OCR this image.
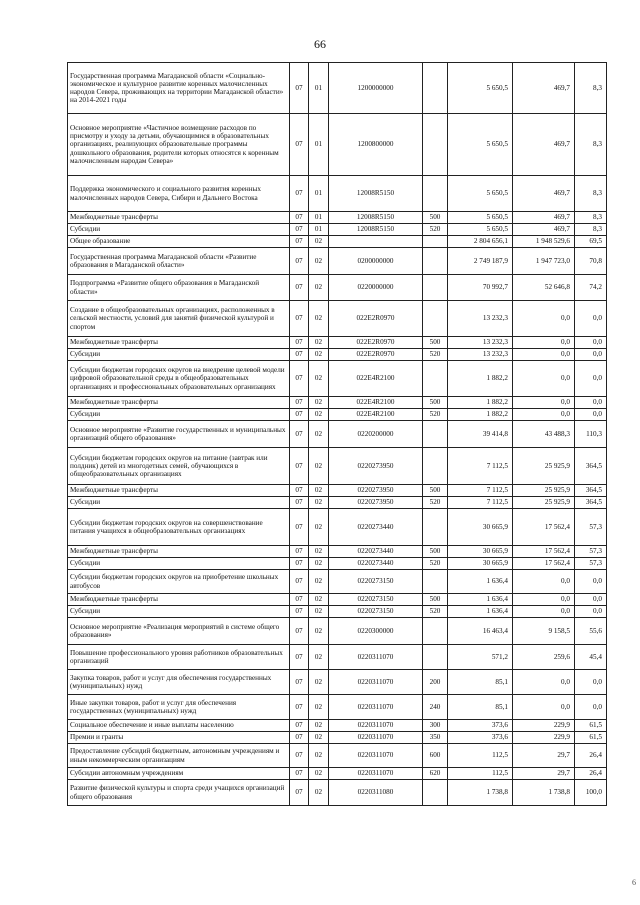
66
Государственная программа Магаданской области «Социально-экономическое и культурное развитие коренных малочисленных народов Севера, проживающих на территории Магаданской области» на 2014-2021 годы	07	01	1200000000		5 650,5	469,7	8,3
Основное мероприятие «Частичное возмещение расходов по присмотру и уходу за детьми, обучающимися в образовательных организациях, реализующих образовательные программы дошкольного образования, родители которых относятся к коренным малочисленным народам Севера»	07	01	1200800000		5 650,5	469,7	8,3
Поддержка экономического и социального развития коренных малочисленных народов Севера, Сибири и Дальнего Востока	07	01	12008R5150		5 650,5	469,7	8,3
Межбюджетные трансферты	07	01	12008R5150	500	5 650,5	469,7	8,3
Субсидии	07	01	12008R5150	520	5 650,5	469,7	8,3
Общее образование	07	02			2 804 656,1	1 948 529,6	69,5
Государственная программа Магаданской области «Развитие образования в Магаданской области»	07	02	0200000000		2 749 187,9	1 947 723,0	70,8
Подпрограмма «Развитие общего образования в Магаданской области»	07	02	0220000000		70 992,7	52 646,8	74,2
Создание в общеобразовательных организациях, расположенных в сельской местности, условий для занятий физической культурой и спортом	07	02	022E2R0970		13 232,3	0,0	0,0
Межбюджетные трансферты	07	02	022E2R0970	500	13 232,3	0,0	0,0
Субсидии	07	02	022E2R0970	520	13 232,3	0,0	0,0
Субсидии бюджетам городских округов на внедрение целевой модели цифровой образовательной среды в общеобразовательных организациях и профессиональных образовательных организациях	07	02	022E4R2100		1 882,2	0,0	0,0
Межбюджетные трансферты	07	02	022E4R2100	500	1 882,2	0,0	0,0
Субсидии	07	02	022E4R2100	520	1 882,2	0,0	0,0
Основное мероприятие «Развитие государственных и муниципальных организаций общего образования»	07	02	0220200000		39 414,8	43 488,3	110,3
Субсидии бюджетам городских округов на питание (завтрак или полдник) детей из многодетных семей, обучающихся в общеобразовательных организациях	07	02	0220273950		7 112,5	25 925,9	364,5
Межбюджетные трансферты	07	02	0220273950	500	7 112,5	25 925,9	364,5
Субсидии	07	02	0220273950	520	7 112,5	25 925,9	364,5
Субсидии бюджетам городских округов на совершенствование питания учащихся в общеобразовательных организациях	07	02	0220273440		30 665,9	17 562,4	57,3
Межбюджетные трансферты	07	02	0220273440	500	30 665,9	17 562,4	57,3
Субсидии	07	02	0220273440	520	30 665,9	17 562,4	57,3
Субсидии бюджетам городских округов на приобретение школьных автобусов	07	02	0220273150		1 636,4	0,0	0,0
Межбюджетные трансферты	07	02	0220273150	500	1 636,4	0,0	0,0
Субсидии	07	02	0220273150	520	1 636,4	0,0	0,0
Основное мероприятие «Реализация мероприятий в системе общего образования»	07	02	0220300000		16 463,4	9 158,5	55,6
Повышение профессионального уровня работников образовательных организаций	07	02	0220311070		571,2	259,6	45,4
Закупка товаров, работ и услуг для обеспечения государственных (муниципальных) нужд	07	02	0220311070	200	85,1	0,0	0,0
Иные закупки товаров, работ и услуг для обеспечения государственных (муниципальных) нужд	07	02	0220311070	240	85,1	0,0	0,0
Социальное обеспечение и иные выплаты населению	07	02	0220311070	300	373,6	229,9	61,5
Премии и гранты	07	02	0220311070	350	373,6	229,9	61,5
Предоставление субсидий бюджетным, автономным учреждениям и иным некоммерческим организациям	07	02	0220311070	600	112,5	29,7	26,4
Субсидии автономным учреждениям	07	02	0220311070	620	112,5	29,7	26,4
Развитие физической культуры и спорта среди учащихся организаций общего образования	07	02	0220311080		1 738,8	1 738,8	100,0
6
